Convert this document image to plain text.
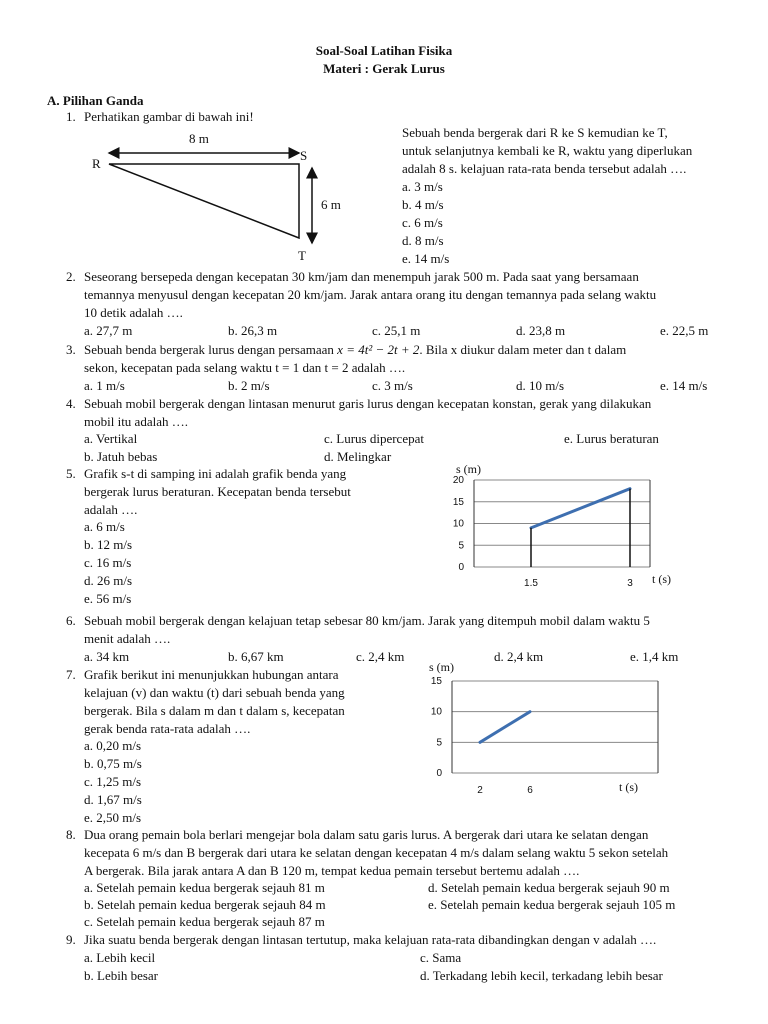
Soal-Soal Latihan Fisika
Materi : Gerak Lurus
A. Pilihan Ganda
1. Perhatikan gambar di bawah ini!
8 m
R
S
6 m
T
Sebuah benda bergerak dari R ke S kemudian ke T,
untuk selanjutnya kembali ke R, waktu yang diperlukan
adalah 8 s. kelajuan rata-rata benda tersebut adalah ….
a. 3 m/s
b. 4 m/s
c. 6 m/s
d. 8 m/s
e. 14 m/s
2. Seseorang bersepeda dengan kecepatan 30 km/jam dan menempuh jarak 500 m. Pada saat yang bersamaan
temannya menyusul dengan kecepatan 20 km/jam. Jarak antara orang itu dengan temannya pada selang waktu
10 detik adalah ….
a. 27,7 m	b. 26,3 m	c. 25,1 m	d. 23,8 m	e. 22,5 m
3. Sebuah benda bergerak lurus dengan persamaan x = 4t² − 2t + 2. Bila x diukur dalam meter dan t dalam
sekon, kecepatan pada selang waktu t = 1 dan t = 2 adalah ….
a. 1 m/s	b. 2 m/s	c. 3 m/s	d. 10 m/s	e. 14 m/s
4. Sebuah mobil bergerak dengan lintasan menurut garis lurus dengan kecepatan konstan, gerak yang dilakukan
mobil itu adalah ….
a. Vertikal	c. Lurus dipercepat	e. Lurus beraturan
b. Jatuh bebas	d. Melingkar
5. Grafik s-t di samping ini adalah grafik benda yang
bergerak lurus beraturan. Kecepatan benda tersebut
adalah ….
a. 6 m/s
b. 12 m/s
c. 16 m/s
d. 26 m/s
e. 56 m/s
0
5
10
15
20
1.5	3
s (m)
t (s)
6. Sebuah mobil bergerak dengan kelajuan tetap sebesar 80 km/jam. Jarak yang ditempuh mobil dalam waktu 5
menit adalah ….
a. 34 km	b. 6,67 km	c. 2,4 km	d. 2,4 km	e. 1,4 km
7. Grafik berikut ini menunjukkan hubungan antara
kelajuan (v) dan waktu (t) dari sebuah benda yang
bergerak. Bila s dalam m dan t dalam s, kecepatan
gerak benda rata-rata adalah ….
a. 0,20 m/s
b. 0,75 m/s
c. 1,25 m/s
d. 1,67 m/s
e. 2,50 m/s
0
5
10
15
2	6
s (m)
t (s)
8. Dua orang pemain bola berlari mengejar bola dalam satu garis lurus. A bergerak dari utara ke selatan dengan
kecepata 6 m/s dan B bergerak dari utara ke selatan dengan kecepatan 4 m/s dalam selang waktu 5 sekon setelah
A bergerak. Bila jarak antara A dan B 120 m, tempat kedua pemain tersebut bertemu adalah ….
a. Setelah pemain kedua bergerak sejauh 81 m	d. Setelah pemain kedua bergerak sejauh 90 m
b. Setelah pemain kedua bergerak sejauh 84 m	e. Setelah pemain kedua bergerak sejauh 105 m
c. Setelah pemain kedua bergerak sejauh 87 m
9. Jika suatu benda bergerak dengan lintasan tertutup, maka kelajuan rata-rata dibandingkan dengan v adalah ….
a. Lebih kecil	c. Sama
b. Lebih besar	d. Terkadang lebih kecil, terkadang lebih besar
